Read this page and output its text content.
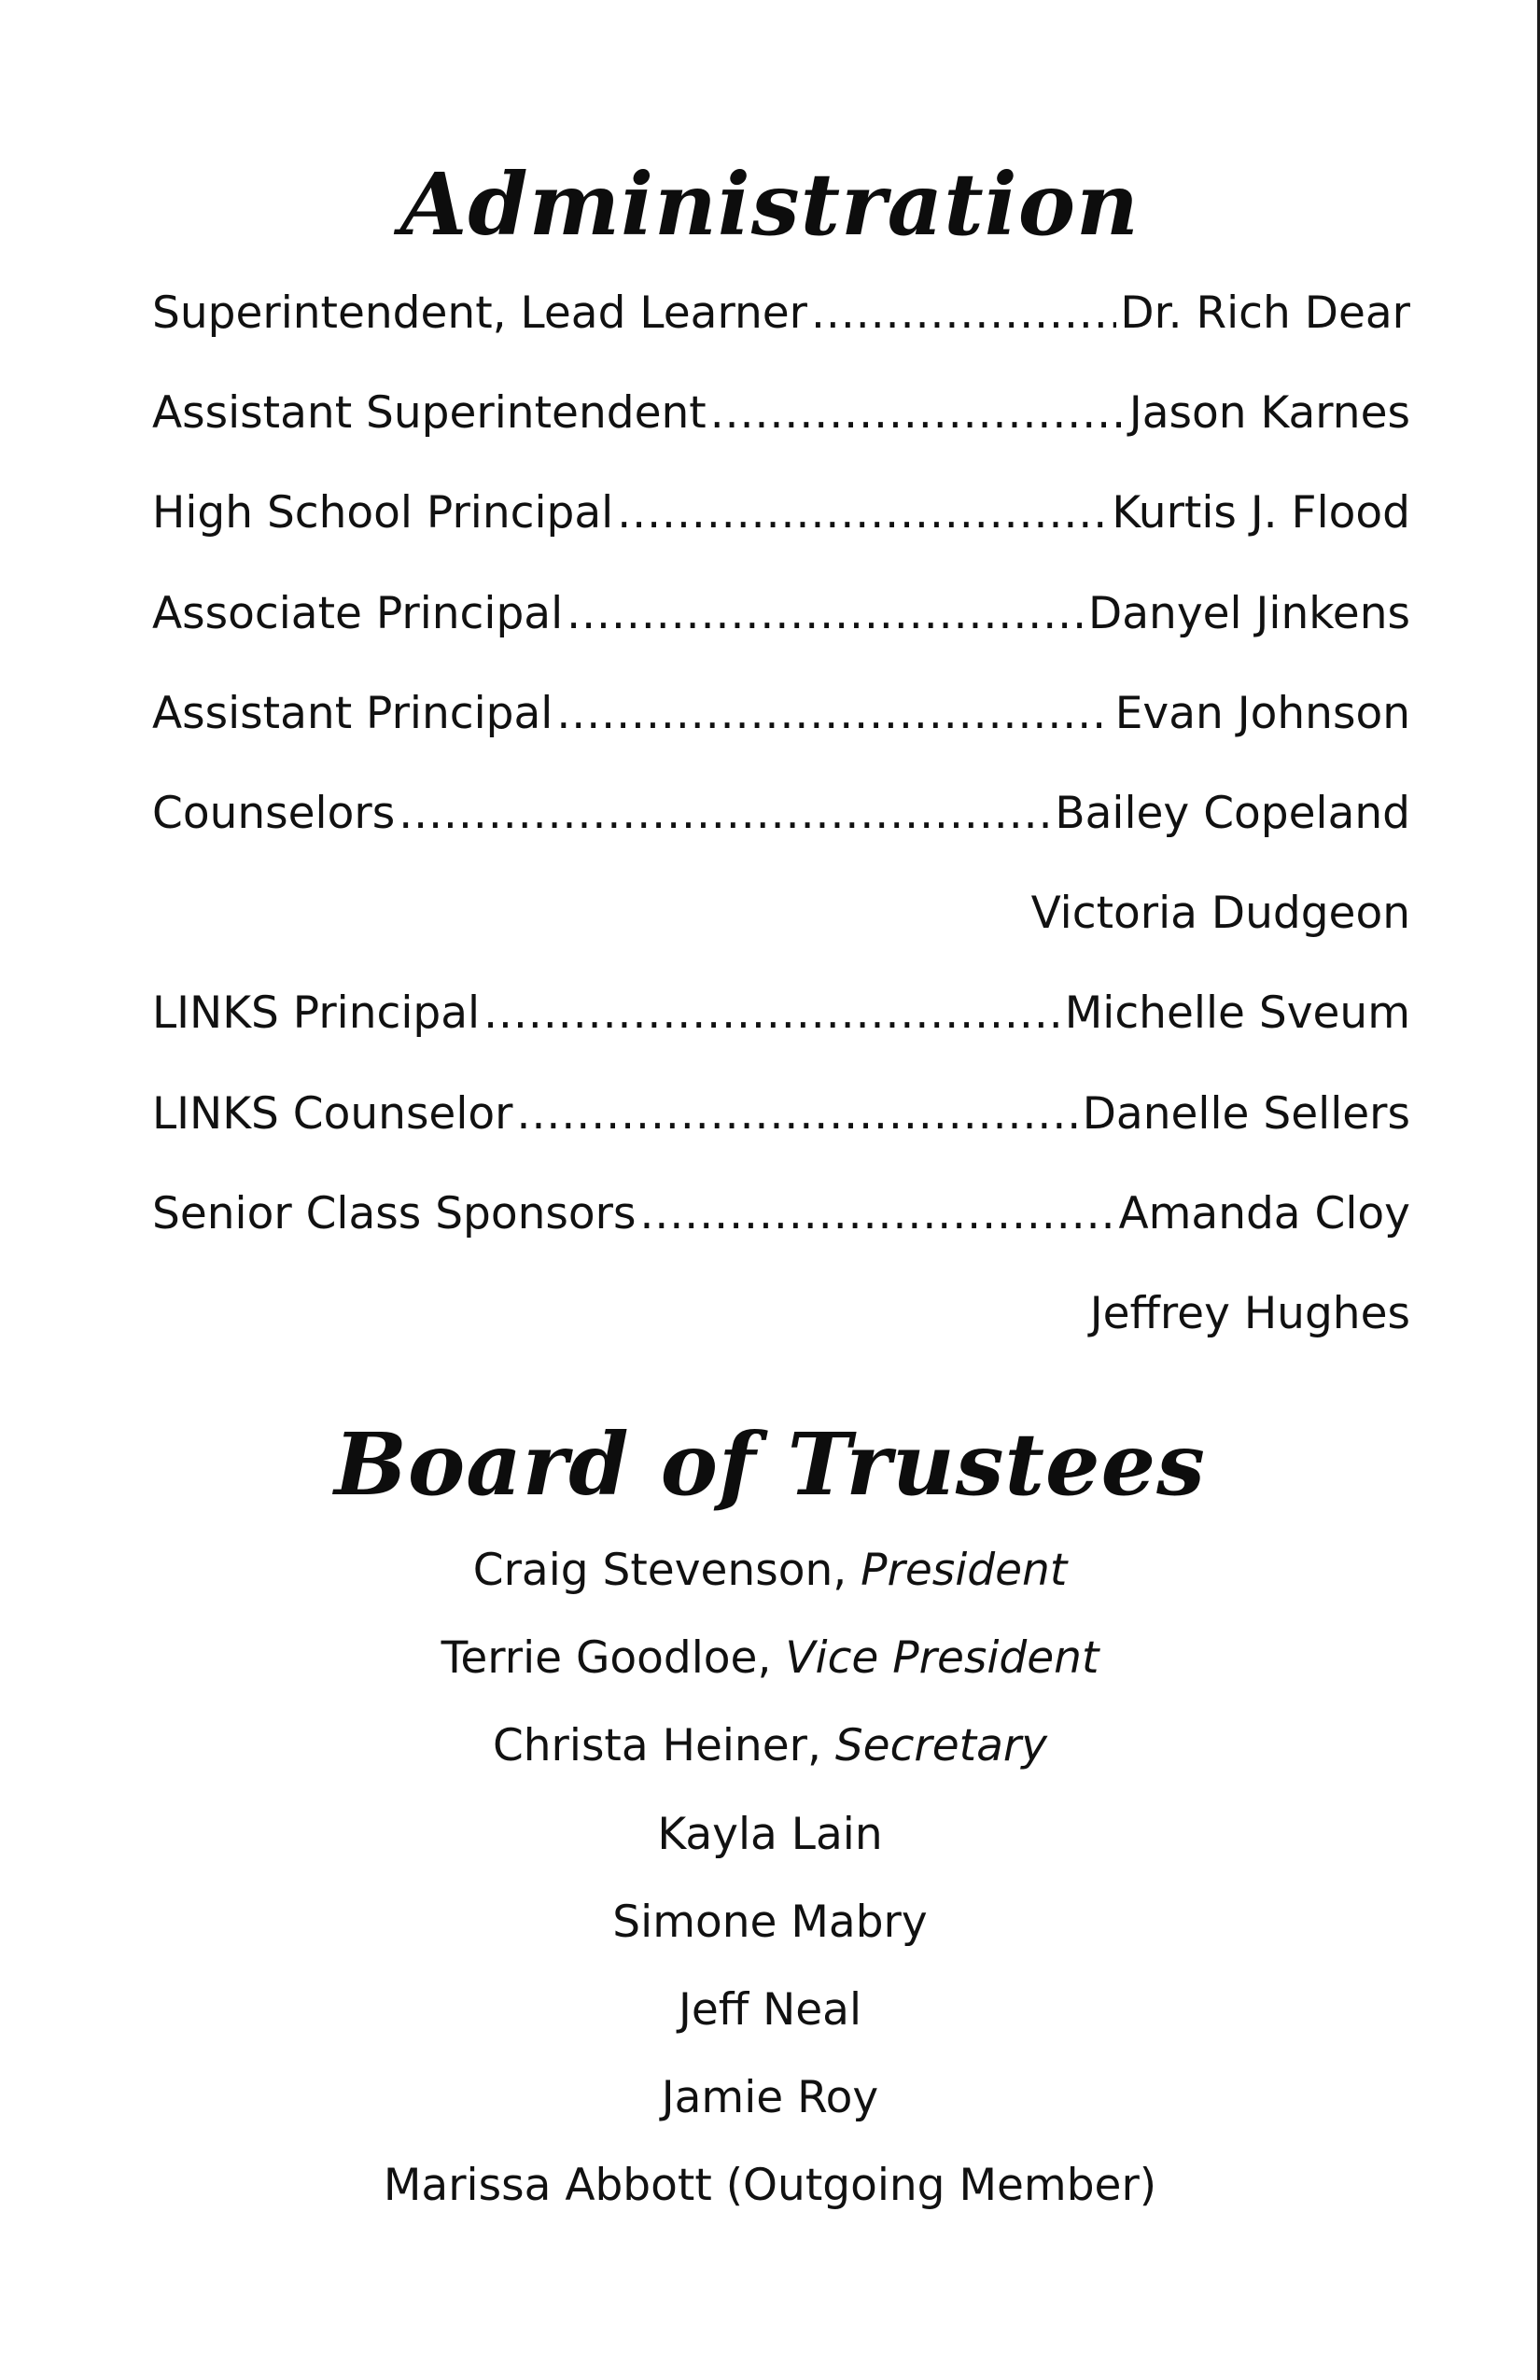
Administration
Superintendent, Lead Learner .....	Dr. Rich Dear
Assistant Superintendent .....	Jason Karnes
High School Principal .....	Kurtis J. Flood
Associate Principal .....	Danyel Jinkens
Assistant Principal .....	Evan Johnson
Counselors .....	Bailey Copeland
Victoria Dudgeon
LINKS Principal .....	Michelle Sveum
LINKS Counselor .....	Danelle Sellers
Senior Class Sponsors .....	Amanda Cloy
Jeffrey Hughes
Board of Trustees
Craig Stevenson, President
Terrie Goodloe, Vice President
Christa Heiner, Secretary
Kayla Lain
Simone Mabry
Jeff Neal
Jamie Roy
Marissa Abbott (Outgoing Member)
